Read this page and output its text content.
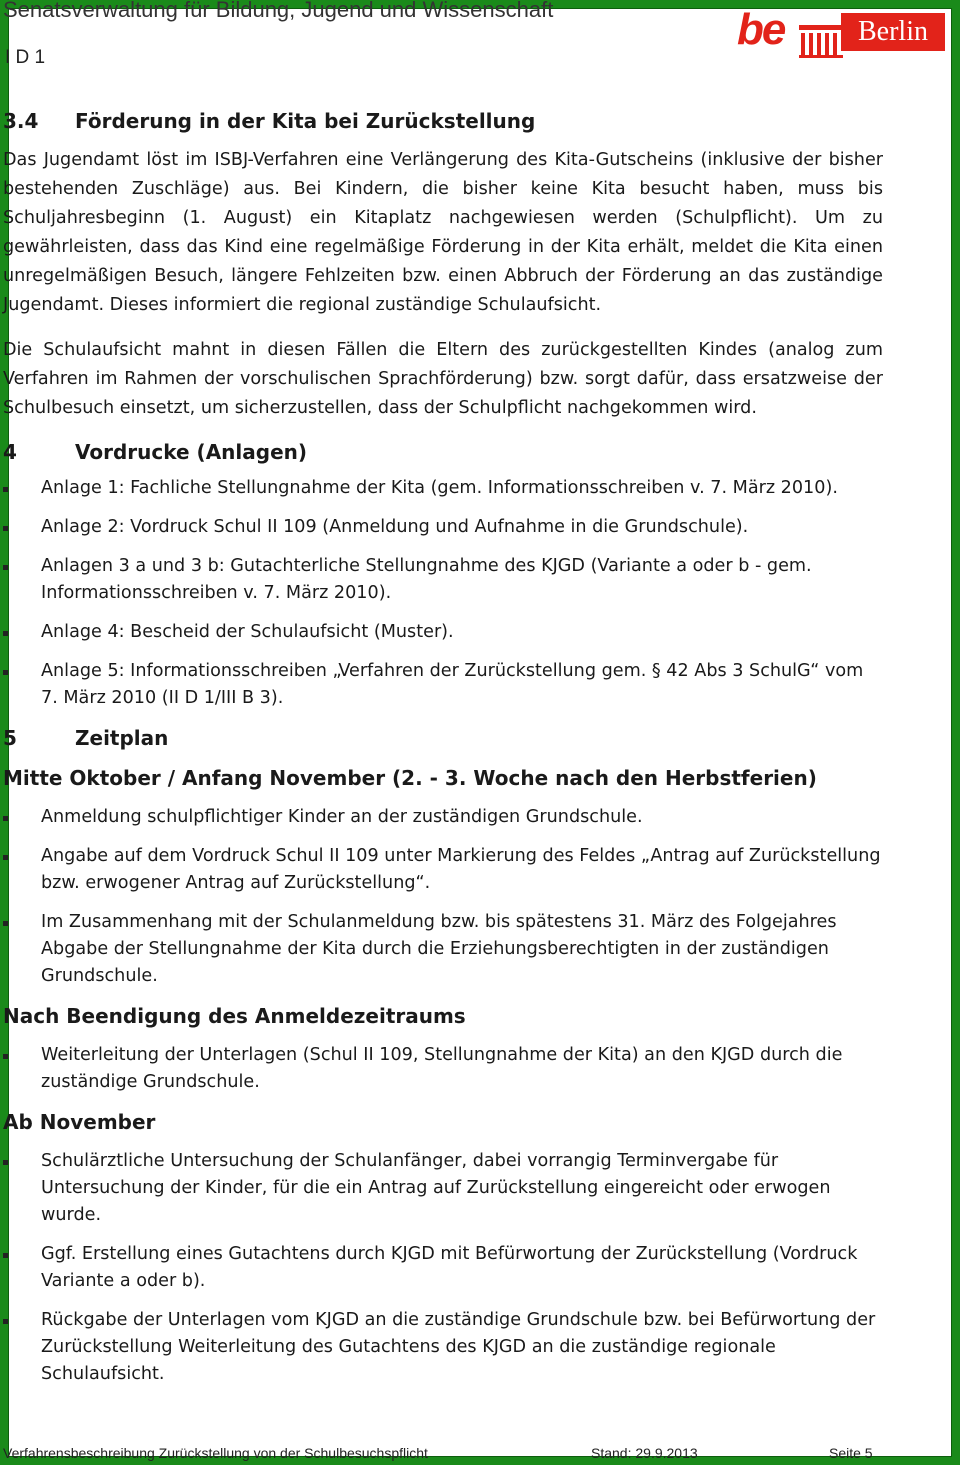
Senatsverwaltung für Bildung, Jugend und Wissenschaft
I D 1
be	Berlin
3.4	Förderung in der Kita bei Zurückstellung

Das Jugendamt löst im ISBJ-Verfahren eine Verlängerung des Kita-Gutscheins (inklusive der bisher bestehenden Zuschläge) aus. Bei Kindern, die bisher keine Kita besucht haben, muss bis Schuljahresbeginn (1. August) ein Kitaplatz nachgewiesen werden (Schulpflicht). Um zu gewährleisten, dass das Kind eine regelmäßige Förderung in der Kita erhält, meldet die Kita einen unregelmäßigen Besuch, längere Fehlzeiten bzw. einen Abbruch der Förderung an das zuständige Jugendamt. Dieses informiert die regional zuständige Schulaufsicht.

Die Schulaufsicht mahnt in diesen Fällen die Eltern des zurückgestellten Kindes (analog zum Verfahren im Rahmen der vorschulischen Sprachförderung) bzw. sorgt dafür, dass ersatzweise der Schulbesuch einsetzt, um sicherzustellen, dass der Schulpflicht nachgekommen wird.

4	Vordrucke (Anlagen)
Anlage 1: Fachliche Stellungnahme der Kita (gem. Informationsschreiben v. 7. März 2010).
Anlage 2: Vordruck Schul II 109 (Anmeldung und Aufnahme in die Grundschule).
Anlagen 3 a und 3 b: Gutachterliche Stellungnahme des KJGD (Variante a oder b - gem. Informationsschreiben v. 7. März 2010).
Anlage 4: Bescheid der Schulaufsicht (Muster).
Anlage 5: Informationsschreiben „Verfahren der Zurückstellung gem. § 42 Abs 3 SchulG“ vom 7. März 2010 (II D 1/III B 3).
5	Zeitplan
Mitte Oktober / Anfang November (2. - 3. Woche nach den Herbstferien)
Anmeldung schulpflichtiger Kinder an der zuständigen Grundschule.
Angabe auf dem Vordruck Schul II 109 unter Markierung des Feldes „Antrag auf Zurückstellung bzw. erwogener Antrag auf Zurückstellung“.
Im Zusammenhang mit der Schulanmeldung bzw. bis spätestens 31. März des Folgejahres Abgabe der Stellungnahme der Kita durch die Erziehungsberechtigten in der zuständigen Grundschule.
Nach Beendigung des Anmeldezeitraums
Weiterleitung der Unterlagen (Schul II 109, Stellungnahme der Kita) an den KJGD durch die zuständige Grundschule.
Ab November
Schulärztliche Untersuchung der Schulanfänger, dabei vorrangig Terminvergabe für Untersuchung der Kinder, für die ein Antrag auf Zurückstellung eingereicht oder erwogen wurde.
Ggf. Erstellung eines Gutachtens durch KJGD mit Befürwortung der Zurückstellung (Vordruck Variante a oder b).
Rückgabe der Unterlagen vom KJGD an die zuständige Grundschule bzw. bei Befürwortung der Zurückstellung Weiterleitung des Gutachtens des KJGD an die zuständige regionale Schulaufsicht.
Verfahrensbeschreibung Zurückstellung von der Schulbesuchspflicht	Stand: 29.9.2013	Seite 5
